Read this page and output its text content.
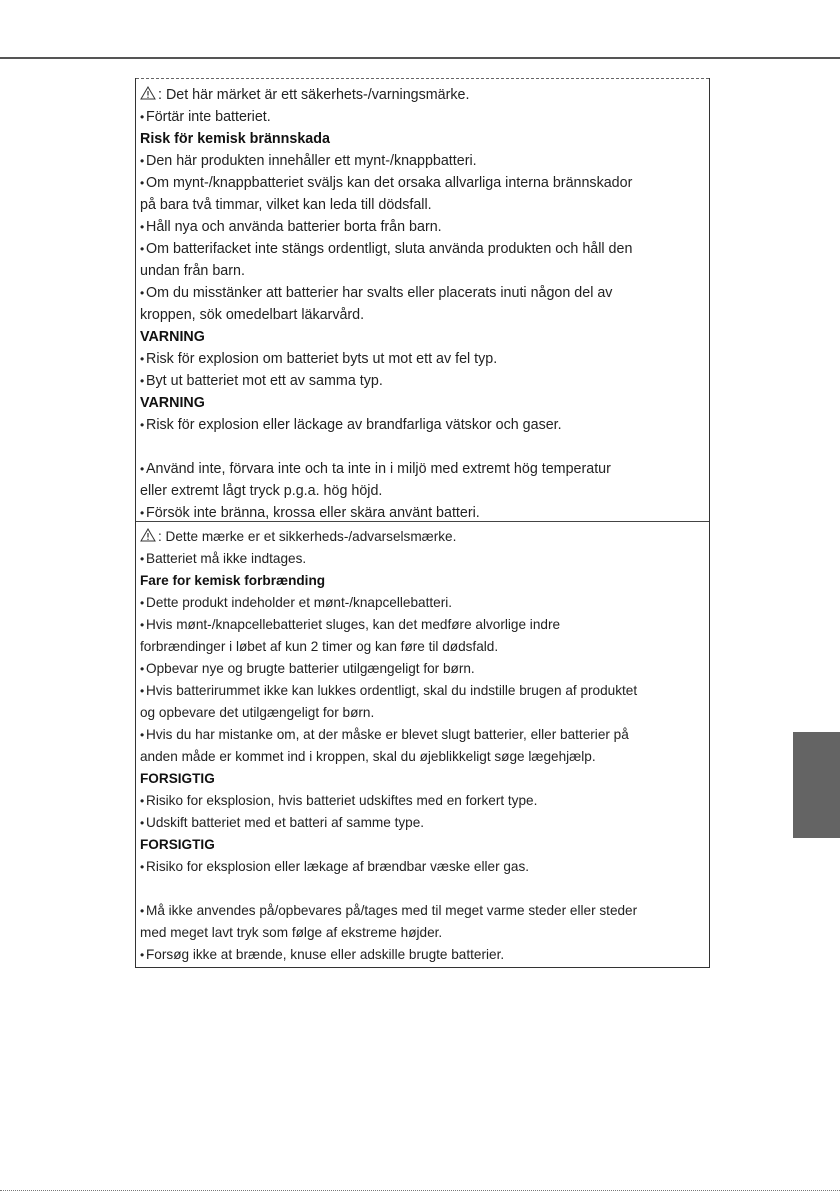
: Det här märket är ett säkerhets-/varningsmärke.

• Förtär inte batteriet.

Risk för kemisk brännskada

• Den här produkten innehåller ett mynt-/knappbatteri.

• Om mynt-/knappbatteriet sväljs kan det orsaka allvarliga interna brännskador

på bara två timmar, vilket kan leda till dödsfall.

• Håll nya och använda batterier borta från barn.

• Om batterifacket inte stängs ordentligt, sluta använda produkten och håll den

undan från barn.

• Om du misstänker att batterier har svalts eller placerats inuti någon del av

kroppen, sök omedelbart läkarvård.

VARNING

• Risk för explosion om batteriet byts ut mot ett av fel typ.

• Byt ut batteriet mot ett av samma typ.

VARNING

• Risk för explosion eller läckage av brandfarliga vätskor och gaser.

• Använd inte, förvara inte och ta inte in i miljö med extremt hög temperatur

eller extremt lågt tryck p.g.a. hög höjd.

• Försök inte bränna, krossa eller skära använt batteri.

: Dette mærke er et sikkerheds-/advarselsmærke.

• Batteriet må ikke indtages.

Fare for kemisk forbrænding

• Dette produkt indeholder et mønt-/knapcellebatteri.

• Hvis mønt-/knapcellebatteriet sluges, kan det medføre alvorlige indre

forbrændinger i løbet af kun 2 timer og kan føre til dødsfald.

• Opbevar nye og brugte batterier utilgængeligt for børn.

• Hvis batterirummet ikke kan lukkes ordentligt, skal du indstille brugen af produktet

og opbevare det utilgængeligt for børn.

• Hvis du har mistanke om, at der måske er blevet slugt batterier, eller batterier på

anden måde er kommet ind i kroppen, skal du øjeblikkeligt søge lægehjælp.

FORSIGTIG

• Risiko for eksplosion, hvis batteriet udskiftes med en forkert type.

• Udskift batteriet med et batteri af samme type.

FORSIGTIG

• Risiko for eksplosion eller lækage af brændbar væske eller gas.

• Må ikke anvendes på/opbevares på/tages med til meget varme steder eller steder

med meget lavt tryk som følge af ekstreme højder.

• Forsøg ikke at brænde, knuse eller adskille brugte batterier.
